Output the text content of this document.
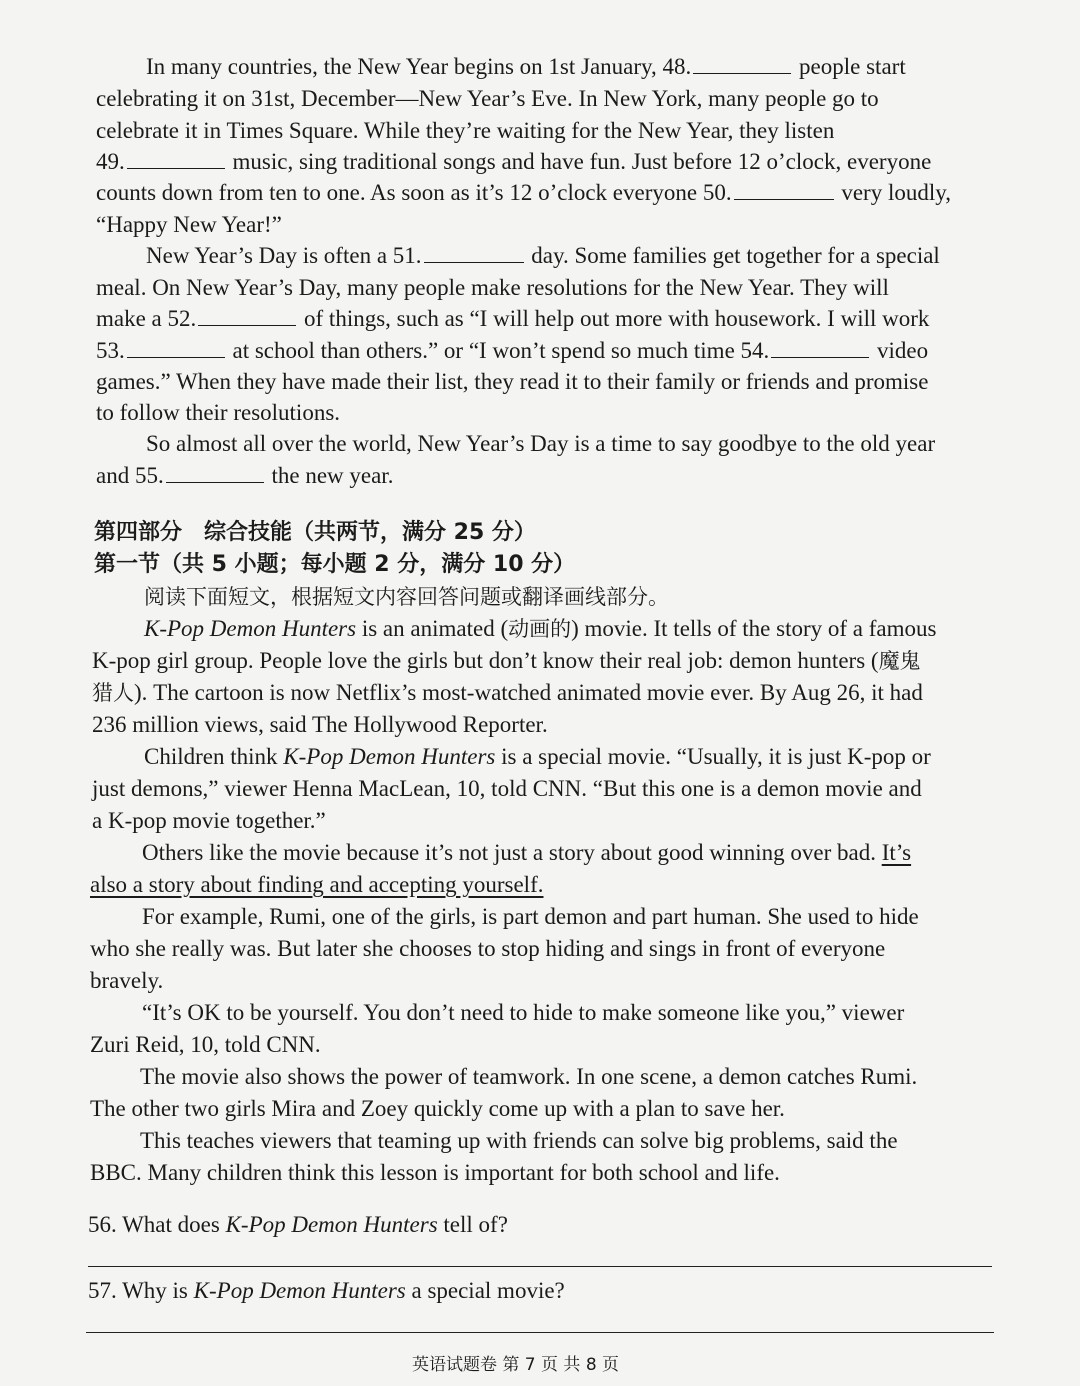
In many countries, the New Year begins on 1st January, 48.	people start
celebrating it on 31st, December—New Year’s Eve. In New York, many people go to
celebrate it in Times Square. While they’re waiting for the New Year, they listen
49.	music, sing traditional songs and have fun. Just before 12 o’clock, everyone
counts down from ten to one. As soon as it’s 12 o’clock everyone 50.	very loudly,
“Happy New Year!”
New Year’s Day is often a 51.	day. Some families get together for a special
meal. On New Year’s Day, many people make resolutions for the New Year. They will
make a 52.	of things, such as “I will help out more with housework. I will work
53.	at school than others.” or “I won’t spend so much time 54.	video
games.” When they have made their list, they read it to their family or friends and promise
to follow their resolutions.
So almost all over the world, New Year’s Day is a time to say goodbye to the old year
and 55.	the new year.
第四部分　综合技能（共两节，满分 25 分）
第一节（共 5 小题；每小题 2 分，满分 10 分）
阅读下面短文，根据短文内容回答问题或翻译画线部分。
K-Pop Demon Hunters is an animated (动画的) movie. It tells of the story of a famous
K-pop girl group. People love the girls but don’t know their real job: demon hunters (魔鬼
猎人). The cartoon is now Netflix’s most-watched animated movie ever. By Aug 26, it had
236 million views, said The Hollywood Reporter.
Children think K-Pop Demon Hunters is a special movie. “Usually, it is just K-pop or
just demons,” viewer Henna MacLean, 10, told CNN. “But this one is a demon movie and
a K-pop movie together.”
Others like the movie because it’s not just a story about good winning over bad. It’s
also a story about finding and accepting yourself.
For example, Rumi, one of the girls, is part demon and part human. She used to hide
who she really was. But later she chooses to stop hiding and sings in front of everyone
bravely.
“It’s OK to be yourself. You don’t need to hide to make someone like you,” viewer
Zuri Reid, 10, told CNN.
The movie also shows the power of teamwork. In one scene, a demon catches Rumi.
The other two girls Mira and Zoey quickly come up with a plan to save her.
This teaches viewers that teaming up with friends can solve big problems, said the
BBC. Many children think this lesson is important for both school and life.
56. What does K-Pop Demon Hunters tell of?
57. Why is K-Pop Demon Hunters a special movie?
英语试题卷 第 7 页 共 8 页
